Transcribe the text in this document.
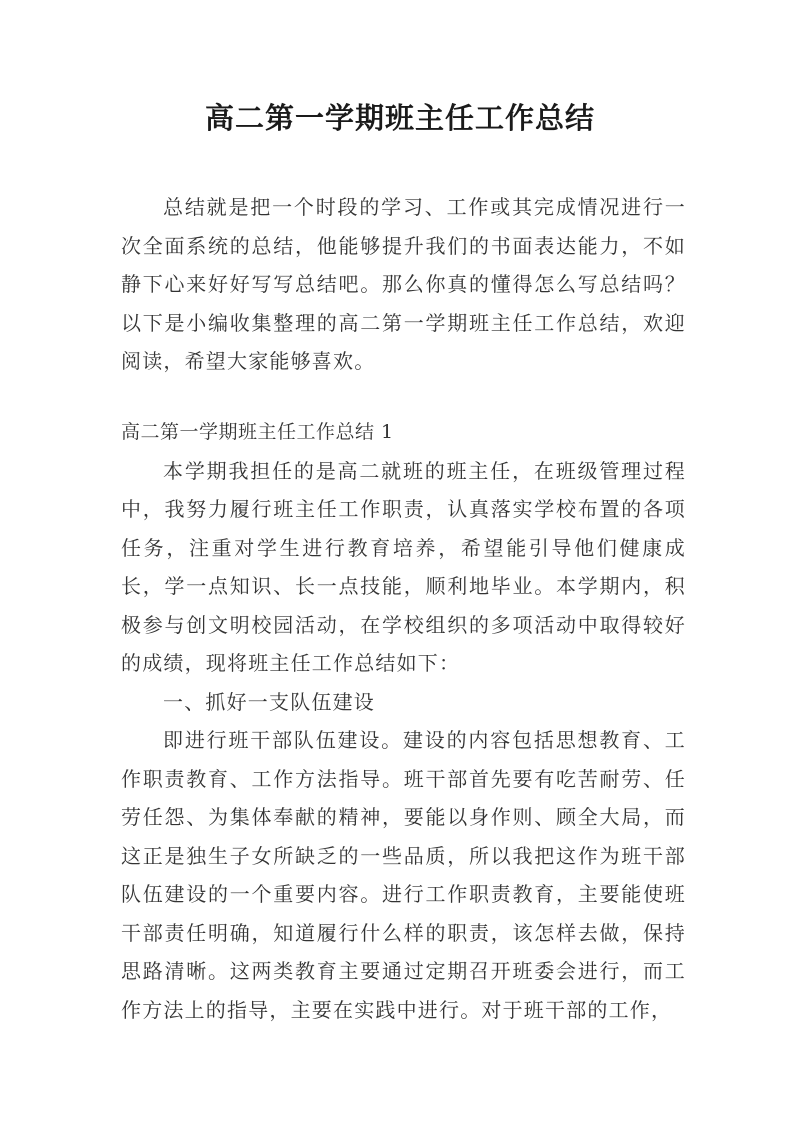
高二第一学期班主任工作总结

总结就是把一个时段的学习、工作或其完成情况进行一次全面系统的总结，他能够提升我们的书面表达能力，不如静下心来好好写写总结吧。那么你真的懂得怎么写总结吗？以下是小编收集整理的高二第一学期班主任工作总结，欢迎阅读，希望大家能够喜欢。

高二第一学期班主任工作总结 1

本学期我担任的是高二就班的班主任，在班级管理过程中，我努力履行班主任工作职责，认真落实学校布置的各项任务，注重对学生进行教育培养，希望能引导他们健康成长，学一点知识、长一点技能，顺利地毕业。本学期内，积极参与创文明校园活动，在学校组织的多项活动中取得较好的成绩，现将班主任工作总结如下：

一、抓好一支队伍建设

即进行班干部队伍建设。建设的内容包括思想教育、工作职责教育、工作方法指导。班干部首先要有吃苦耐劳、任劳任怨、为集体奉献的精神，要能以身作则、顾全大局，而这正是独生子女所缺乏的一些品质，所以我把这作为班干部队伍建设的一个重要内容。进行工作职责教育，主要能使班干部责任明确，知道履行什么样的职责，该怎样去做，保持思路清晰。这两类教育主要通过定期召开班委会进行，而工作方法上的指导，主要在实践中进行。对于班干部的工作，
